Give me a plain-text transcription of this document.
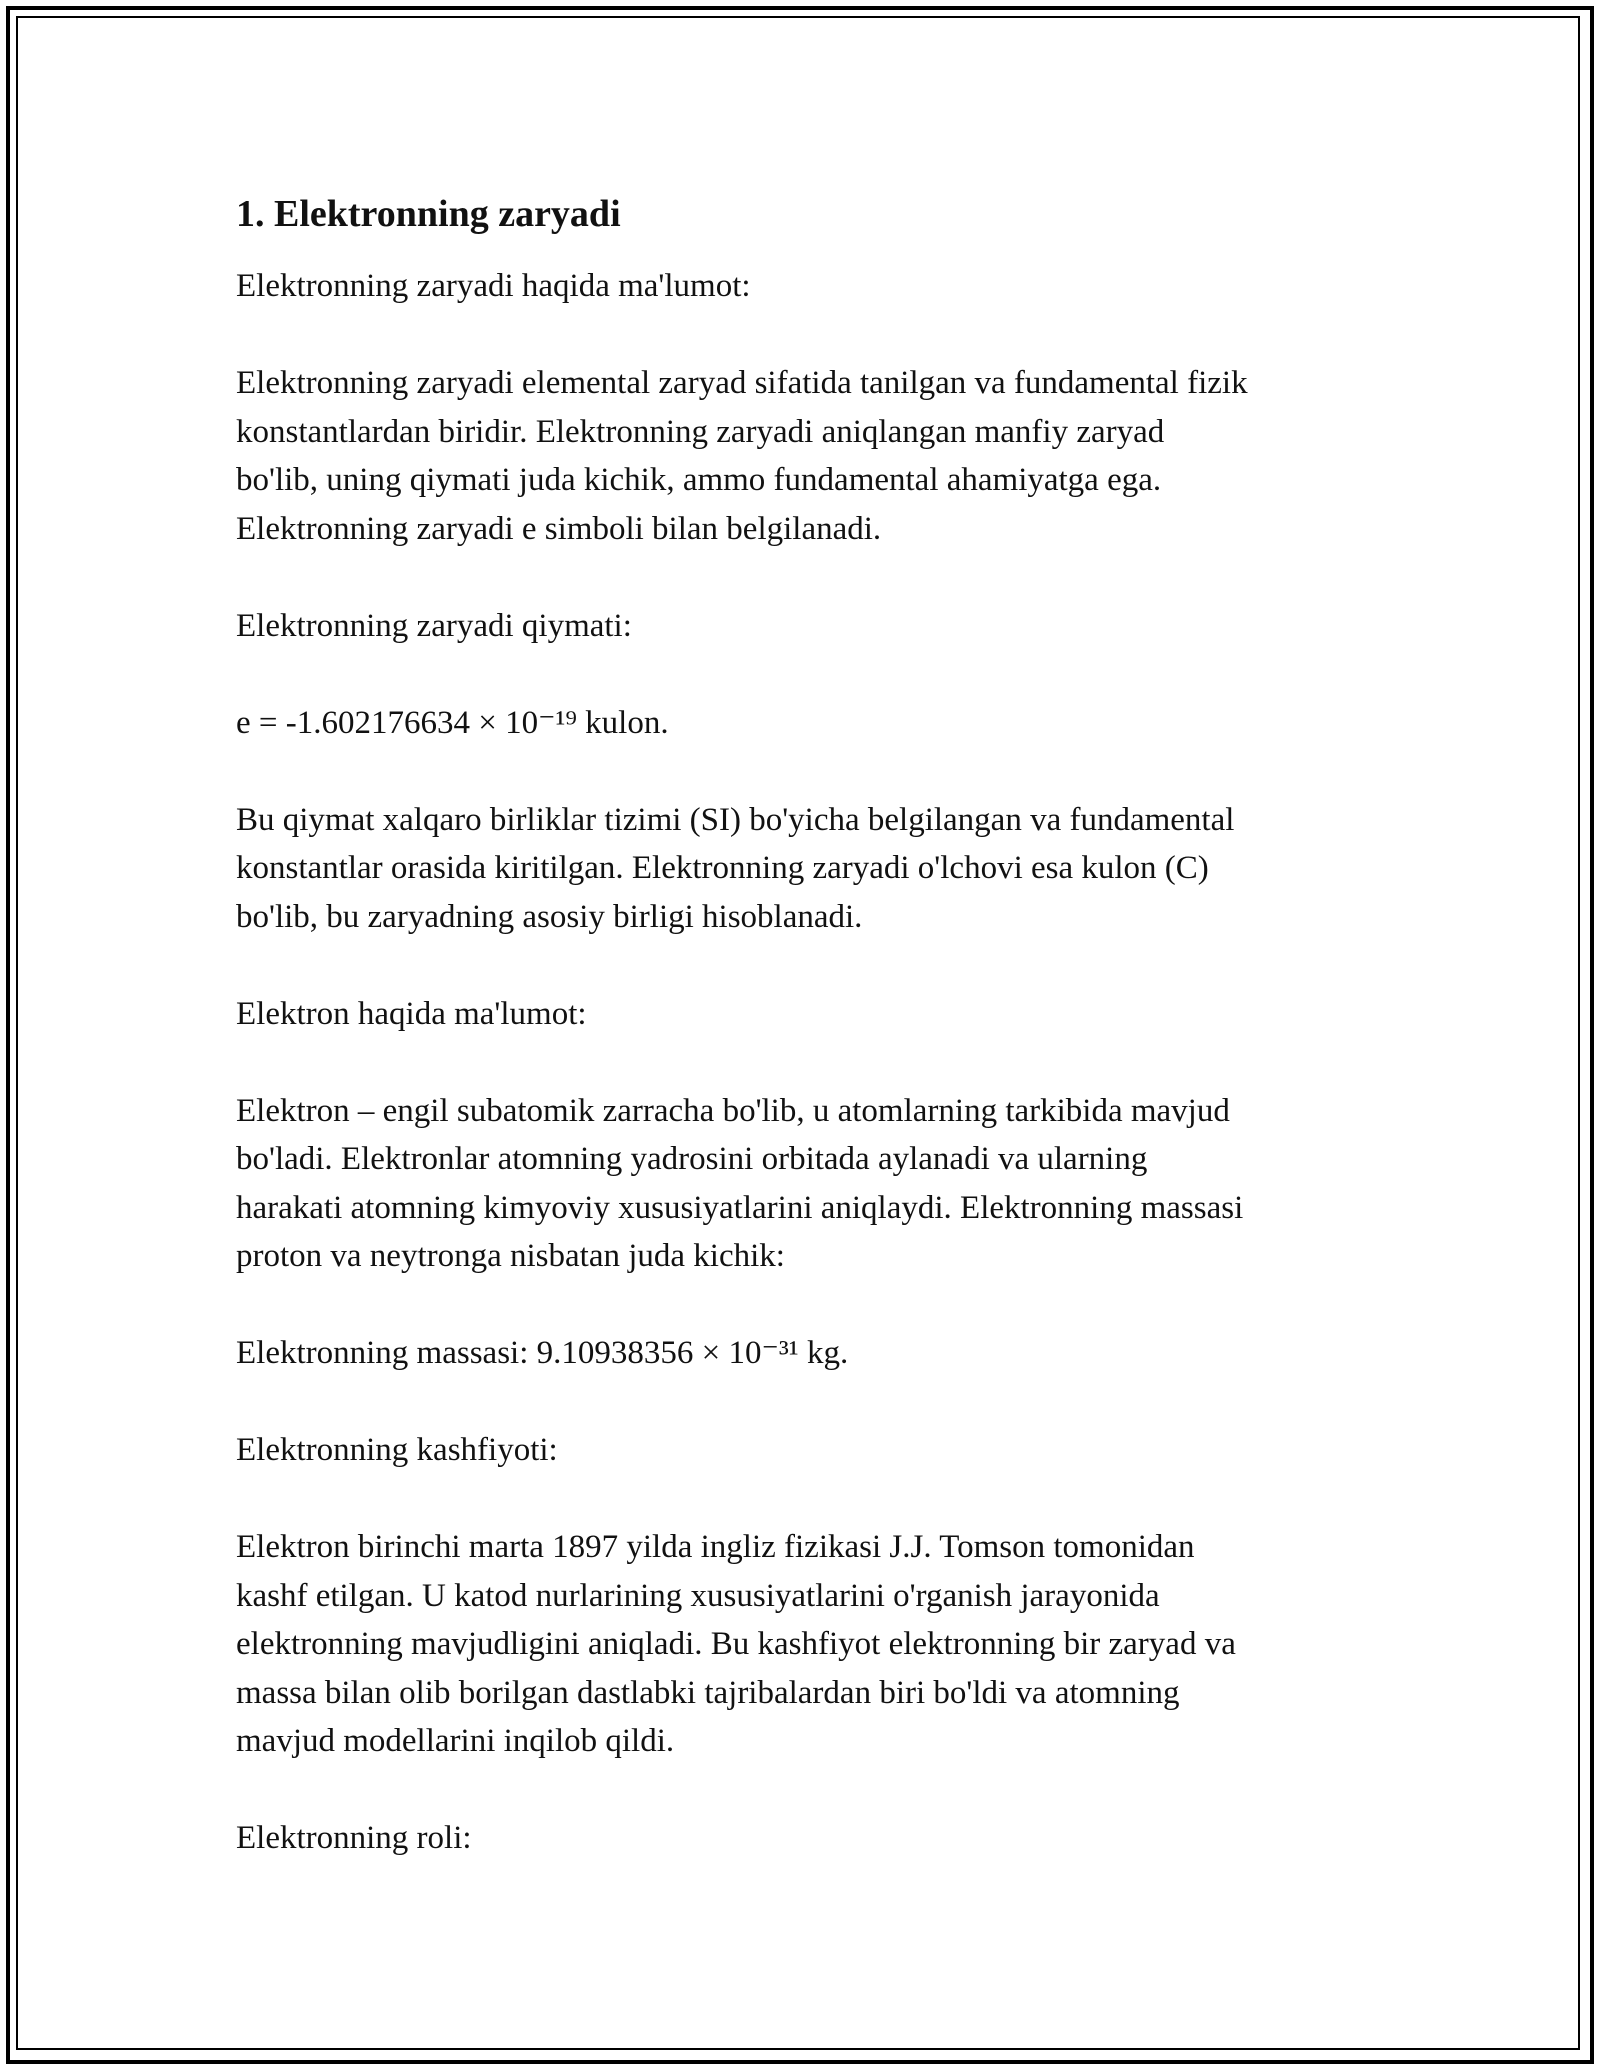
1. Elektronning zaryadi

Elektronning zaryadi haqida ma'lumot:

Elektronning zaryadi elemental zaryad sifatida tanilgan va fundamental fizik
konstantlardan biridir. Elektronning zaryadi aniqlangan manfiy zaryad
bo'lib, uning qiymati juda kichik, ammo fundamental ahamiyatga ega.
Elektronning zaryadi e simboli bilan belgilanadi.

Elektronning zaryadi qiymati:

e = -1.602176634 × 10⁻¹⁹ kulon.

Bu qiymat xalqaro birliklar tizimi (SI) bo'yicha belgilangan va fundamental
konstantlar orasida kiritilgan. Elektronning zaryadi o'lchovi esa kulon (C)
bo'lib, bu zaryadning asosiy birligi hisoblanadi.

Elektron haqida ma'lumot:

Elektron – engil subatomik zarracha bo'lib, u atomlarning tarkibida mavjud
bo'ladi. Elektronlar atomning yadrosini orbitada aylanadi va ularning
harakati atomning kimyoviy xususiyatlarini aniqlaydi. Elektronning massasi
proton va neytronga nisbatan juda kichik:

Elektronning massasi: 9.10938356 × 10⁻³¹ kg.

Elektronning kashfiyoti:

Elektron birinchi marta 1897 yilda ingliz fizikasi J.J. Tomson tomonidan
kashf etilgan. U katod nurlarining xususiyatlarini o'rganish jarayonida
elektronning mavjudligini aniqladi. Bu kashfiyot elektronning bir zaryad va
massa bilan olib borilgan dastlabki tajribalardan biri bo'ldi va atomning
mavjud modellarini inqilob qildi.

Elektronning roli:
